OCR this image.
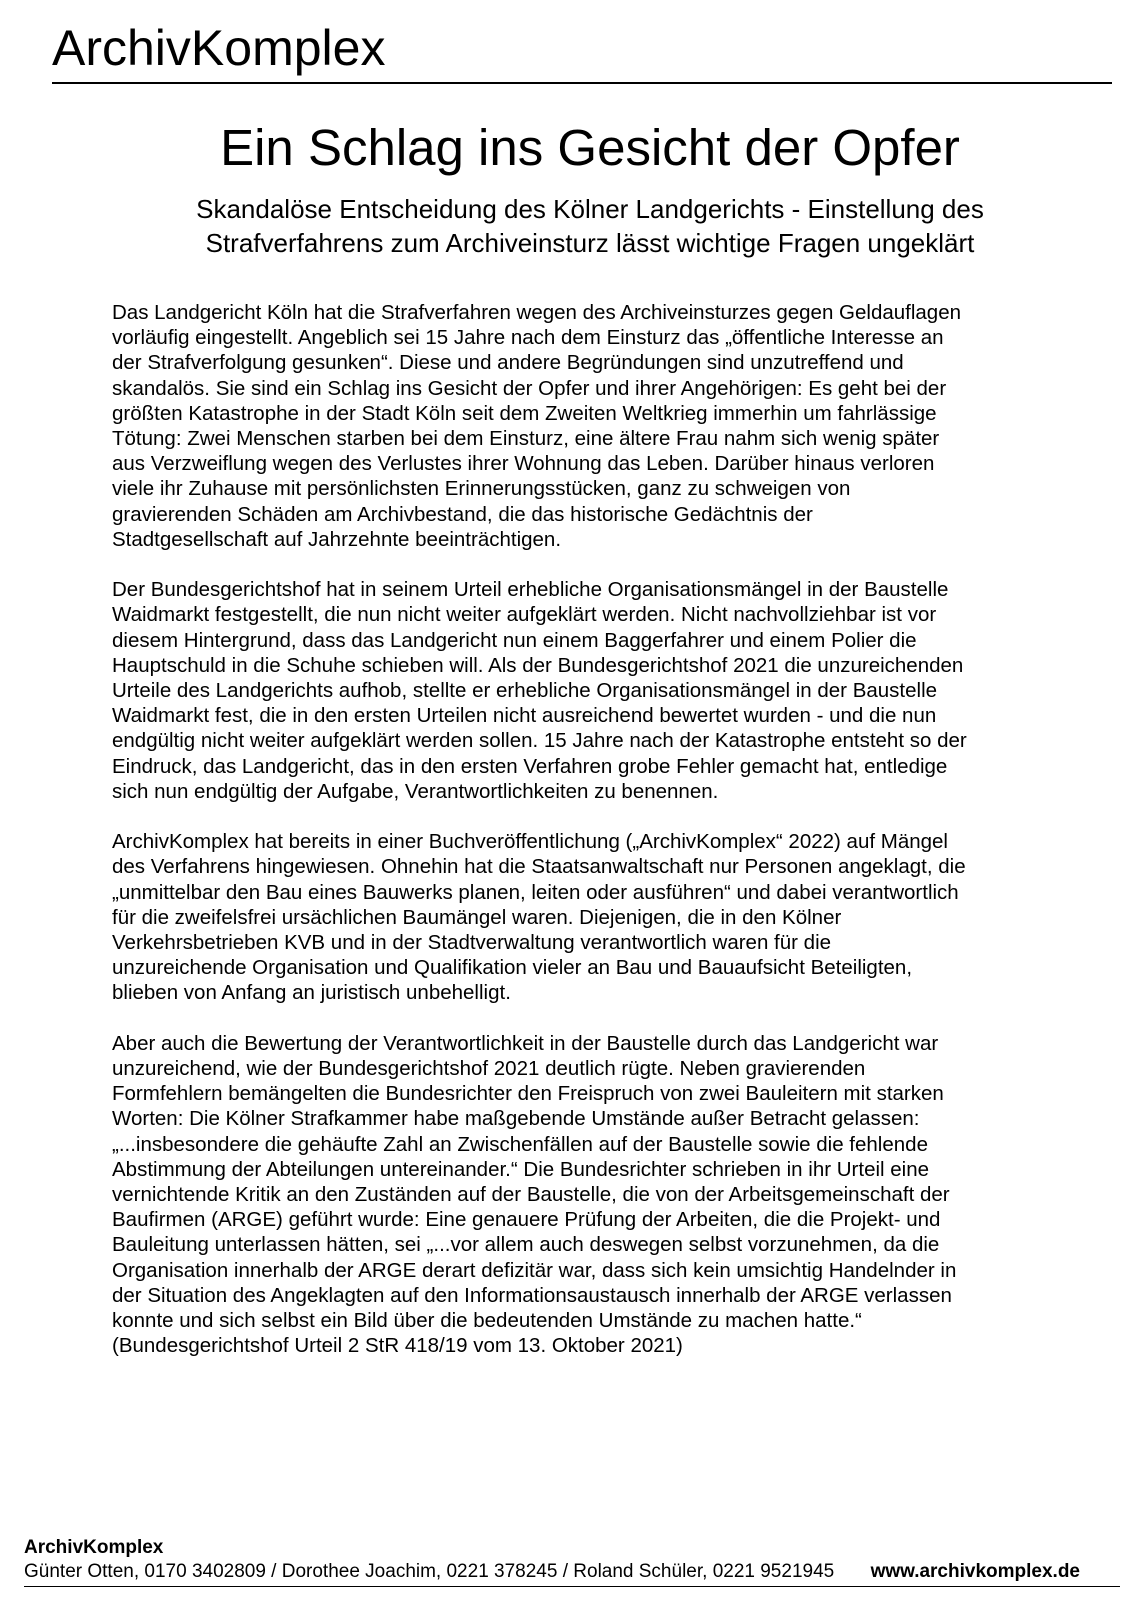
ArchivKomplex
Ein Schlag ins Gesicht der Opfer
Skandalöse Entscheidung des Kölner Landgerichts - Einstellung des
Strafverfahrens zum Archiveinsturz lässt wichtige Fragen ungeklärt

Das Landgericht Köln hat die Strafverfahren wegen des Archiveinsturzes gegen Geldauflagen
vorläufig eingestellt. Angeblich sei 15 Jahre nach dem Einsturz das „öffentliche Interesse an
der Strafverfolgung gesunken“. Diese und andere Begründungen sind unzutreffend und
skandalös. Sie sind ein Schlag ins Gesicht der Opfer und ihrer Angehörigen: Es geht bei der
größten Katastrophe in der Stadt Köln seit dem Zweiten Weltkrieg immerhin um fahrlässige
Tötung: Zwei Menschen starben bei dem Einsturz, eine ältere Frau nahm sich wenig später
aus Verzweiflung wegen des Verlustes ihrer Wohnung das Leben. Darüber hinaus verloren
viele ihr Zuhause mit persönlichsten Erinnerungsstücken, ganz zu schweigen von
gravierenden Schäden am Archivbestand, die das historische Gedächtnis der
Stadtgesellschaft auf Jahrzehnte beeinträchtigen.

Der Bundesgerichtshof hat in seinem Urteil erhebliche Organisationsmängel in der Baustelle
Waidmarkt festgestellt, die nun nicht weiter aufgeklärt werden. Nicht nachvollziehbar ist vor
diesem Hintergrund, dass das Landgericht nun einem Baggerfahrer und einem Polier die
Hauptschuld in die Schuhe schieben will. Als der Bundesgerichtshof 2021 die unzureichenden
Urteile des Landgerichts aufhob, stellte er erhebliche Organisationsmängel in der Baustelle
Waidmarkt fest, die in den ersten Urteilen nicht ausreichend bewertet wurden - und die nun
endgültig nicht weiter aufgeklärt werden sollen. 15 Jahre nach der Katastrophe entsteht so der
Eindruck, das Landgericht, das in den ersten Verfahren grobe Fehler gemacht hat, entledige
sich nun endgültig der Aufgabe, Verantwortlichkeiten zu benennen.

ArchivKomplex hat bereits in einer Buchveröffentlichung („ArchivKomplex“ 2022) auf Mängel
des Verfahrens hingewiesen. Ohnehin hat die Staatsanwaltschaft nur Personen angeklagt, die
„unmittelbar den Bau eines Bauwerks planen, leiten oder ausführen“ und dabei verantwortlich
für die zweifelsfrei ursächlichen Baumängel waren. Diejenigen, die in den Kölner
Verkehrsbetrieben KVB und in der Stadtverwaltung verantwortlich waren für die
unzureichende Organisation und Qualifikation vieler an Bau und Bauaufsicht Beteiligten,
blieben von Anfang an juristisch unbehelligt.

Aber auch die Bewertung der Verantwortlichkeit in der Baustelle durch das Landgericht war
unzureichend, wie der Bundesgerichtshof 2021 deutlich rügte. Neben gravierenden
Formfehlern bemängelten die Bundesrichter den Freispruch von zwei Bauleitern mit starken
Worten: Die Kölner Strafkammer habe maßgebende Umstände außer Betracht gelassen:
„...insbesondere die gehäufte Zahl an Zwischenfällen auf der Baustelle sowie die fehlende
Abstimmung der Abteilungen untereinander.“ Die Bundesrichter schrieben in ihr Urteil eine
vernichtende Kritik an den Zuständen auf der Baustelle, die von der Arbeitsgemeinschaft der
Baufirmen (ARGE) geführt wurde: Eine genauere Prüfung der Arbeiten, die die Projekt- und
Bauleitung unterlassen hätten, sei „...vor allem auch deswegen selbst vorzunehmen, da die
Organisation innerhalb der ARGE derart defizitär war, dass sich kein umsichtig Handelnder in
der Situation des Angeklagten auf den Informationsaustausch innerhalb der ARGE verlassen
konnte und sich selbst ein Bild über die bedeutenden Umstände zu machen hatte.“
(Bundesgerichtshof Urteil 2 StR 418/19 vom 13. Oktober 2021)

ArchivKomplex
Günter Otten, 0170 3402809 / Dorothee Joachim, 0221 378245 / Roland Schüler, 0221 9521945 www.archivkomplex.de
